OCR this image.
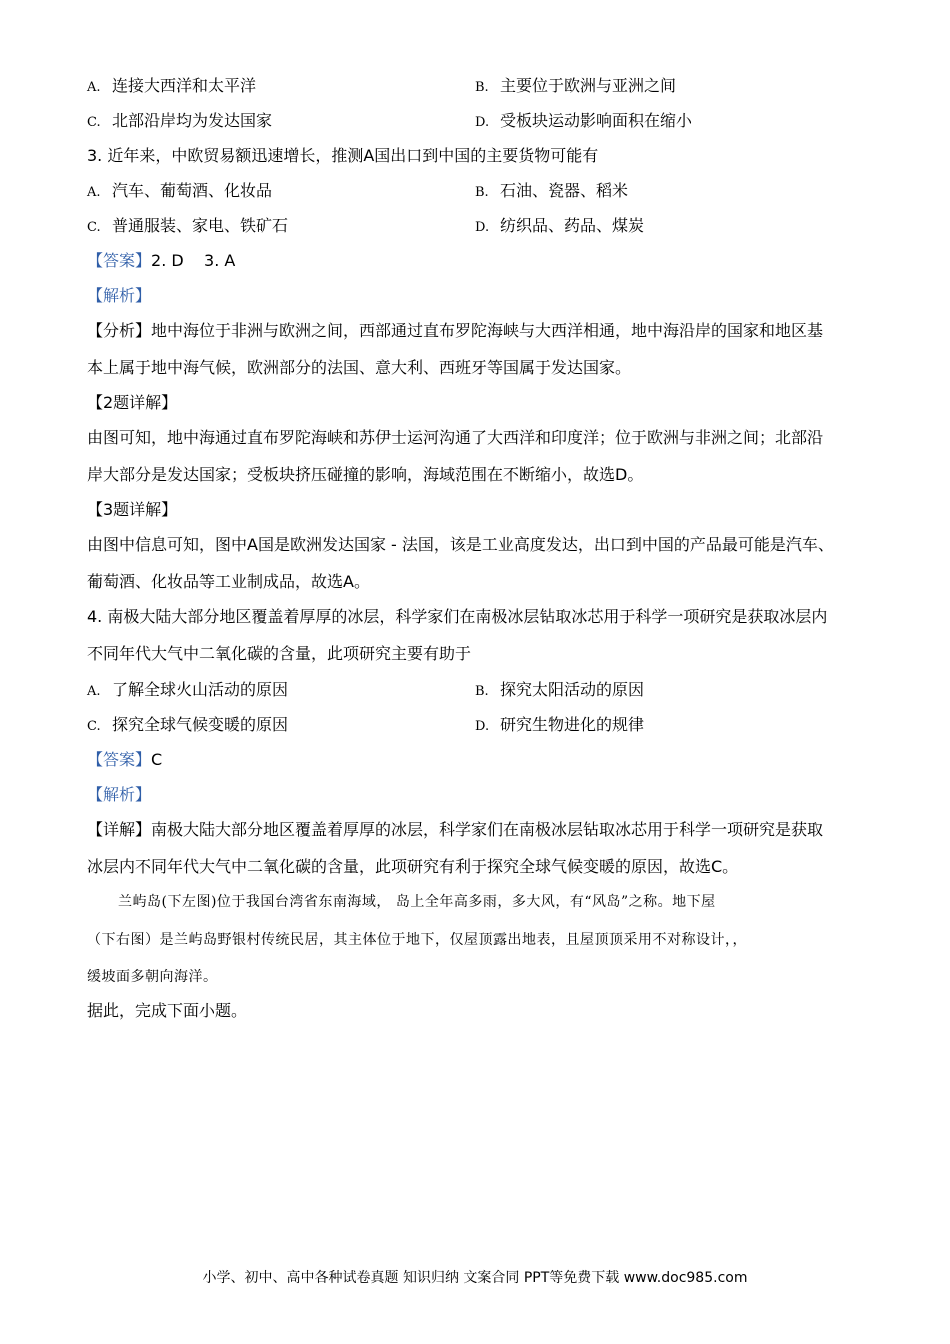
A. 连接大西洋和太平洋	B. 主要位于欧洲与亚洲之间
C. 北部沿岸均为发达国家	D. 受板块运动影响面积在缩小
3. 近年来，中欧贸易额迅速增长，推测A国出口到中国的主要货物可能有
A. 汽车、葡萄酒、化妆品	B. 石油、瓷器、稻米
C. 普通服装、家电、铁矿石	D. 纺织品、药品、煤炭
【答案】2. D    3. A
【解析】
【分析】地中海位于非洲与欧洲之间，西部通过直布罗陀海峡与大西洋相通，地中海沿岸的国家和地区基
本上属于地中海气候，欧洲部分的法国、意大利、西班牙等国属于发达国家。
【2题详解】
由图可知，地中海通过直布罗陀海峡和苏伊士运河沟通了大西洋和印度洋；位于欧洲与非洲之间；北部沿
岸大部分是发达国家；受板块挤压碰撞的影响，海域范围在不断缩小，故选D。
【3题详解】
由图中信息可知，图中A国是欧洲发达国家 - 法国，该是工业高度发达，出口到中国的产品最可能是汽车、
葡萄酒、化妆品等工业制成品，故选A。
4. 南极大陆大部分地区覆盖着厚厚的冰层，科学家们在南极冰层钻取冰芯用于科学一项研究是获取冰层内
不同年代大气中二氧化碳的含量，此项研究主要有助于
A. 了解全球火山活动的原因	B. 探究太阳活动的原因
C. 探究全球气候变暖的原因	D. 研究生物进化的规律
【答案】C
【解析】
【详解】南极大陆大部分地区覆盖着厚厚的冰层，科学家们在南极冰层钻取冰芯用于科学一项研究是获取
冰层内不同年代大气中二氧化碳的含量，此项研究有利于探究全球气候变暖的原因，故选C。
兰屿岛(下左图)位于我国台湾省东南海域， 岛上全年高多雨，多大风，有“风岛”之称。地下屋
（下右图）是兰屿岛野银村传统民居，其主体位于地下，仅屋顶露出地表，且屋顶顶采用不对称设计，，
缓坡面多朝向海洋。
据此，完成下面小题。
小学、初中、高中各种试卷真题 知识归纳 文案合同 PPT等免费下载 www.doc985.com
